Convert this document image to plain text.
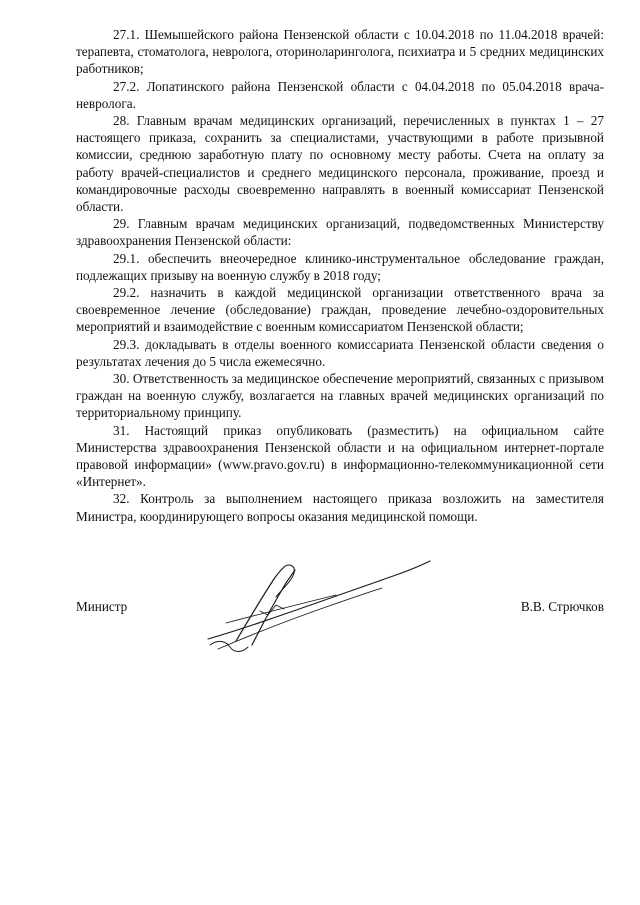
27.1. Шемышейского района Пензенской области с 10.04.2018 по 11.04.2018 врачей: терапевта, стоматолога, невролога, оториноларинголога, психиатра и 5 средних медицинских работников;

27.2. Лопатинского района Пензенской области с 04.04.2018 по 05.04.2018 врача-невролога.

28. Главным врачам медицинских организаций, перечисленных в пунктах 1 – 27 настоящего приказа, сохранить за специалистами, участвующими в работе призывной комиссии, среднюю заработную плату по основному месту работы. Счета на оплату за работу врачей-специалистов и среднего медицинского персонала, проживание, проезд и командировочные расходы своевременно направлять в военный комиссариат Пензенской области.

29. Главным врачам медицинских организаций, подведомственных Министерству здравоохранения Пензенской области:

29.1. обеспечить внеочередное клинико-инструментальное обследование граждан, подлежащих призыву на военную службу в 2018 году;

29.2. назначить в каждой медицинской организации ответственного врача за своевременное лечение (обследование) граждан, проведение лечебно-оздоровительных мероприятий и взаимодействие с военным комиссариатом Пензенской области;

29.3. докладывать в отделы военного комиссариата Пензенской области сведения о результатах лечения до 5 числа ежемесячно.

30. Ответственность за медицинское обеспечение мероприятий, связанных с призывом граждан на военную службу, возлагается на главных врачей медицинских организаций по территориальному принципу.

31. Настоящий приказ опубликовать (разместить) на официальном сайте Министерства здравоохранения Пензенской области и на официальном интернет-портале правовой информации» (www.pravo.gov.ru) в информационно-телекоммуникационной сети «Интернет».

32. Контроль за выполнением настоящего приказа возложить на заместителя Министра, координирующего вопросы оказания медицинской помощи.

Министр	В.В. Стрючков
